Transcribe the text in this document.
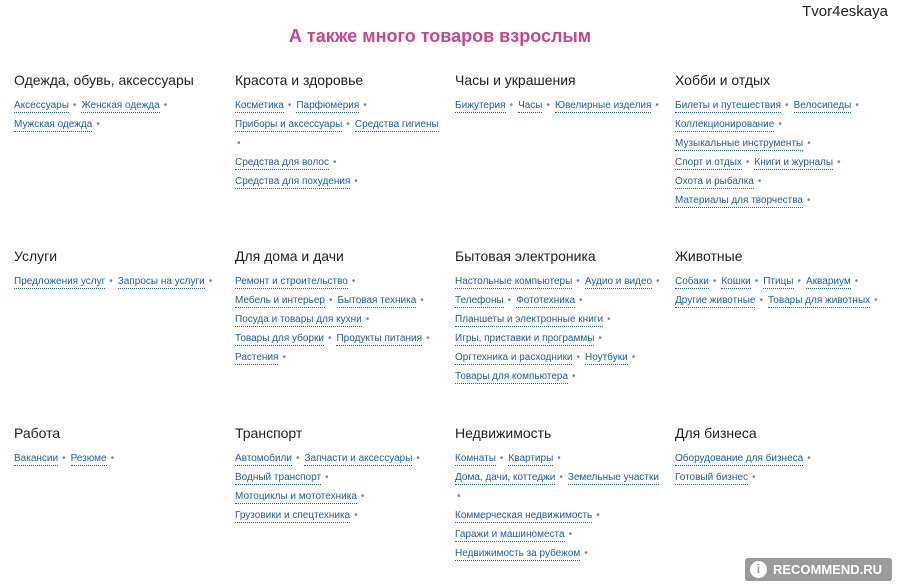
Tvor4eskaya
А также много товаров взрослым
Одежда, обувь, аксессуары
Аксессуары • Женская одежда •
Мужская одежда •
Красота и здоровье
Косметика • Парфюмерия •
Приборы и аксессуары • Средства гигиены•
Средства для волос •
Средства для похудения •
Часы и украшения
Бижутерия • Часы • Ювелирные изделия •
Хобби и отдых
Билеты и путешествия • Велосипеды •
Коллекционирование •
Музыкальные инструменты •
Спорт и отдых • Книги и журналы •
Охота и рыбалка •
Материалы для творчества •
Услуги
Предложения услуг • Запросы на услуги •
Для дома и дачи
Ремонт и строительство •
Мебель и интерьер • Бытовая техника •
Посуда и товары для кухни •
Товары для уборки • Продукты питания •
Растения •
Бытовая электроника
Настольные компьютеры • Аудио и видео •
Телефоны • Фототехника •
Планшеты и электронные книги •
Игры, приставки и программы •
Оргтехника и расходники • Ноутбуки •
Товары для компьютера •
Животные
Собаки • Кошки • Птицы • Аквариум •
Другие животные • Товары для животных •
Работа
Вакансии • Резюме •
Транспорт
Автомобили • Запчасти и аксессуары •
Водный транспорт •
Мотоциклы и мототехника •
Грузовики и спецтехника •
Недвижимость
Комнаты • Квартиры •
Дома, дачи, коттеджи • Земельные участки•
Коммерческая недвижимость •
Гаражи и машиноместа •
Недвижимость за рубежом •
Для бизнеса
Оборудование для бизнеса •Готовый бизнес •
i RECOMMEND.RU
